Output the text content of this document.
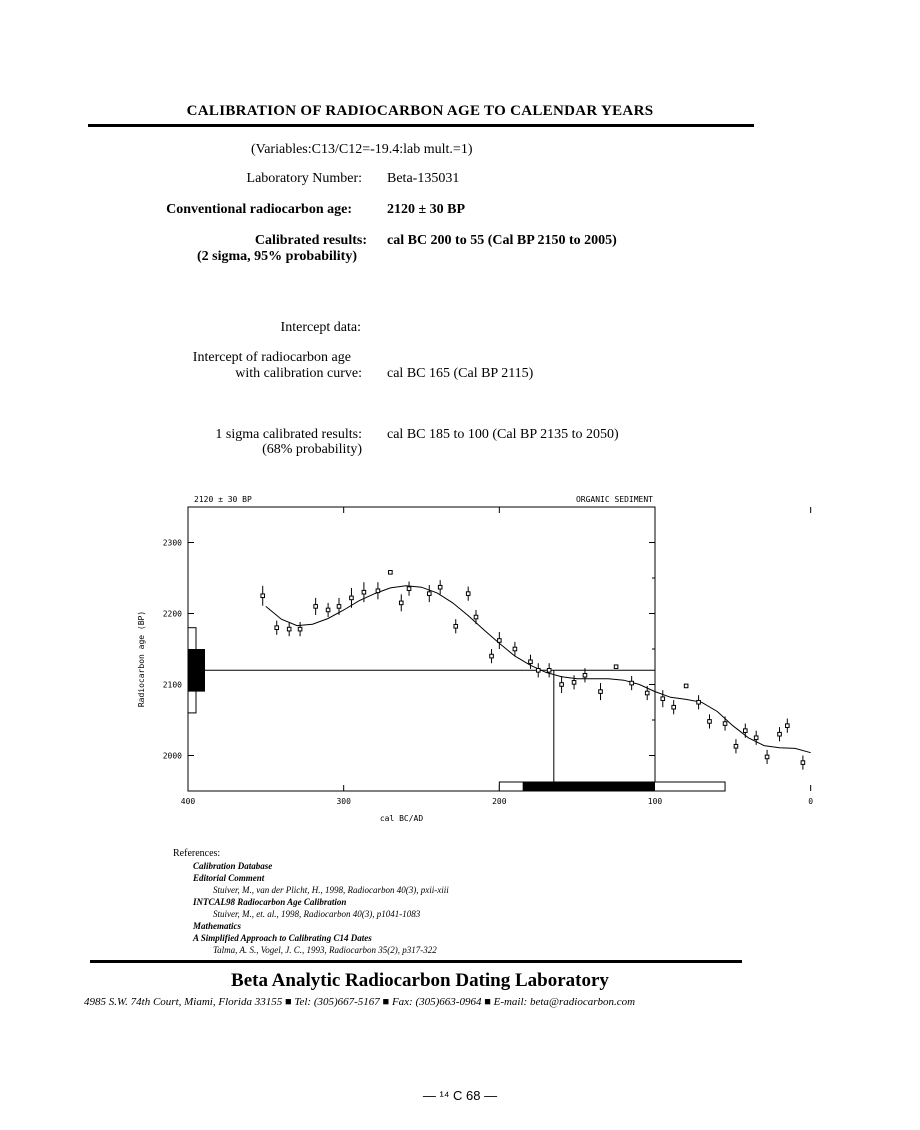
CALIBRATION OF RADIOCARBON AGE TO CALENDAR YEARS
(Variables:C13/C12=-19.4:lab mult.=1)
Laboratory Number: Beta-135031
Conventional radiocarbon age:	2120 ± 30 BP
Calibrated results:
(2 sigma, 95% probability)
cal BC 200 to 55 (Cal BP 2150 to 2005)
Intercept data:
Intercept of radiocarbon age
with calibration curve: cal BC 165 (Cal BP 2115)
1 sigma calibrated results:
(68% probability)
cal BC 185 to 100 (Cal BP 2135 to 2050)
2120 ± 30 BP	ORGANIC SEDIMENT
cal BC/AD
Radiocarbon age (BP)
400	300	200	100	0
2300
2200
2100
2000
References:
Calibration Database
Editorial Comment
Stuiver, M., van der Plicht, H., 1998, Radiocarbon 40(3), pxii-xiii
INTCAL98 Radiocarbon Age Calibration
Stuiver, M., et. al., 1998, Radiocarbon 40(3), p1041-1083
Mathematics
A Simplified Approach to Calibrating C14 Dates
Talma, A. S., Vogel, J. C., 1993, Radiocarbon 35(2), p317-322
Beta Analytic Radiocarbon Dating Laboratory
4985 S.W. 74th Court, Miami, Florida 33155 ■ Tel: (305)667-5167 ■ Fax: (305)663-0964 ■ E-mail: beta@radiocarbon.com
— ¹⁴ C 68 —
